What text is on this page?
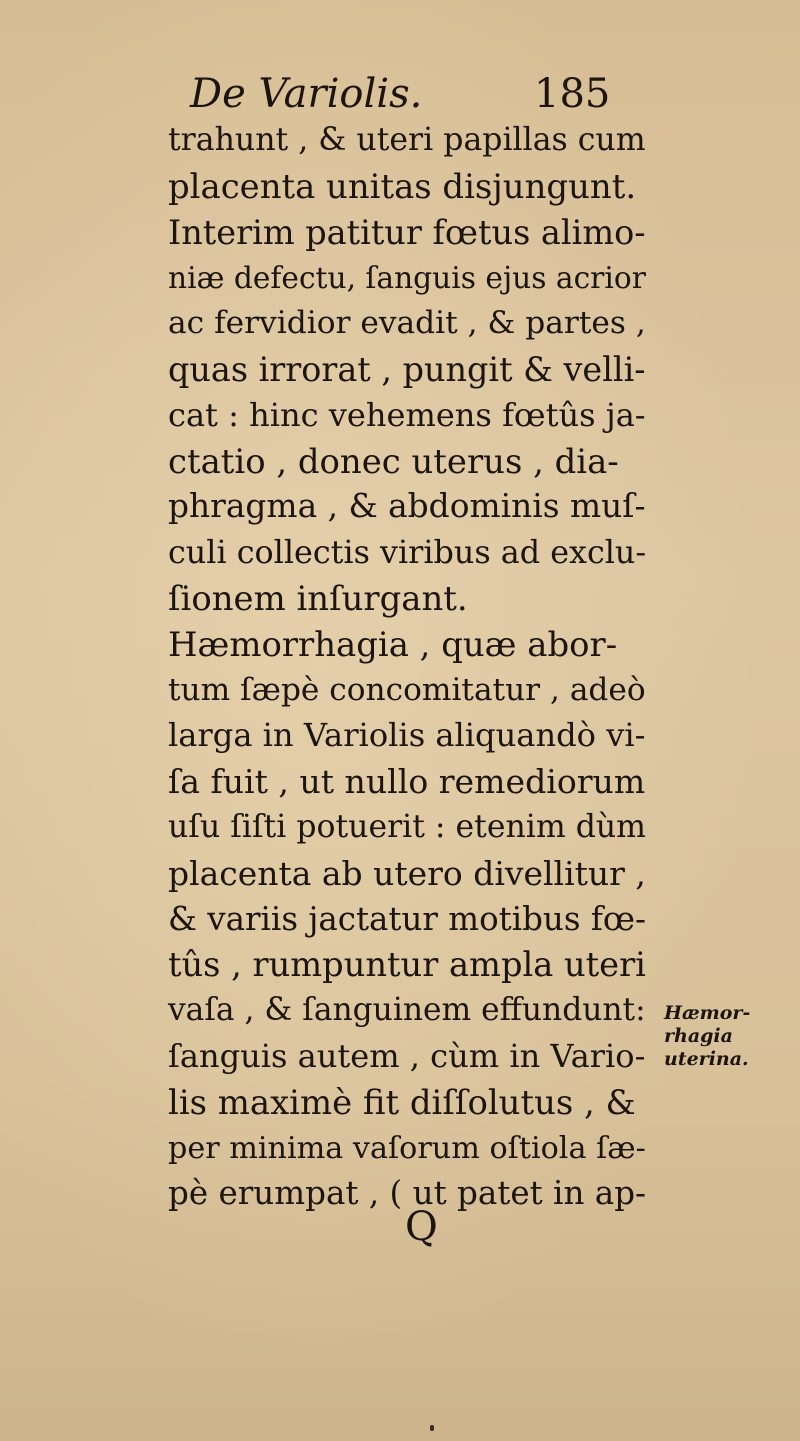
De Variolis.	185
trahunt , & uteri papillas cum
placenta unitas disjungunt.
Interim patitur fœtus alimo-
niæ defectu, ſanguis ejus acrior
ac fervidior evadit , & partes ,
quas irrorat , pungit & velli-
cat : hinc vehemens fœtûs ja-
ctatio , donec uterus , dia-
phragma , & abdominis muſ-
culi collectis viribus ad exclu-
ſionem inſurgant.
Hæmorrhagia , quæ abor-
tum ſæpè concomitatur , adeò
larga in Variolis aliquandò vi-
ſa fuit , ut nullo remediorum
uſu ſiſti potuerit : etenim dùm
placenta ab utero divellitur ,
& variis jactatur motibus fœ-
tûs , rumpuntur ampla uteri
vaſa , & ſanguinem effundunt:
ſanguis autem , cùm in Vario-
lis maximè fit diſſolutus , &
per minima vaſorum oſtiola ſæ-
pè erumpat , ( ut patet in ap-
Hæmor-
rhagia
uterina.
Q
